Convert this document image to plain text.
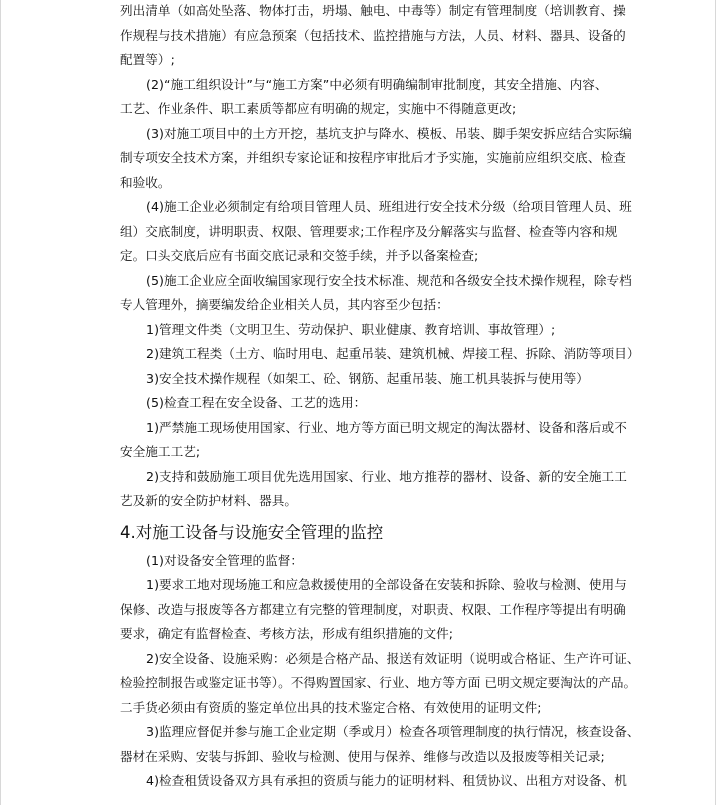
列出清单（如高处坠落、物体打击，坍塌、触电、中毒等）制定有管理制度（培训教育、操
作规程与技术措施）有应急预案（包括技术、监控措施与方法，人员、材料、器具、设备的
配置等）;
(2)“施工组织设计”与“施工方案”中必须有明确编制审批制度，其安全措施、内容、
工艺、作业条件、职工素质等都应有明确的规定，实施中不得随意更改;
(3)对施工项目中的土方开挖，基坑支护与降水、模板、吊装、脚手架安拆应结合实际编
制专项安全技术方案，并组织专家论证和按程序审批后才予实施，实施前应组织交底、检查
和验收。
(4)施工企业必须制定有给项目管理人员、班组进行安全技术分级（给项目管理人员、班
组）交底制度，讲明职责、权限、管理要求;工作程序及分解落实与监督、检查等内容和规
定。口头交底后应有书面交底记录和交签手续，并予以备案检查;
(5)施工企业应全面收编国家现行安全技术标准、规范和各级安全技术操作规程，除专档
专人管理外，摘要编发给企业相关人员，其内容至少包括：
1)管理文件类（文明卫生、劳动保护、职业健康、教育培训、事故管理）;
2)建筑工程类（土方、临时用电、起重吊装、建筑机械、焊接工程、拆除、消防等项目）
3)安全技术操作规程（如架工、砼、钢筋、起重吊装、施工机具装拆与使用等）
(5)检查工程在安全设备、工艺的选用：
1)严禁施工现场使用国家、行业、地方等方面已明文规定的淘汰器材、设备和落后或不
安全施工工艺;
2)支持和鼓励施工项目优先选用国家、行业、地方推荐的器材、设备、新的安全施工工
艺及新的安全防护材料、器具。
4.对施工设备与设施安全管理的监控
(1)对设备安全管理的监督：
1)要求工地对现场施工和应急救援使用的全部设备在安装和拆除、验收与检测、使用与
保修、改造与报废等各方都建立有完整的管理制度，对职责、权限、工作程序等提出有明确
要求，确定有监督检查、考核方法，形成有组织措施的文件;
2)安全设备、设施采购：必须是合格产品、报送有效证明（说明或合格证、生产许可证、
检验控制报告或鉴定证书等）。不得购置国家、行业、地方等方面 已明文规定要淘汰的产品。
二手货必须由有资质的鉴定单位出具的技术鉴定合格、有效使用的证明文件;
3)监理应督促并参与施工企业定期（季或月）检查各项管理制度的执行情况，核查设备、
器材在采购、安装与拆卸、验收与检测、使用与保养、维修与改造以及报废等相关记录;
4)检查租赁设备双方具有承担的资质与能力的证明材料、租赁协议、出租方对设备、机
